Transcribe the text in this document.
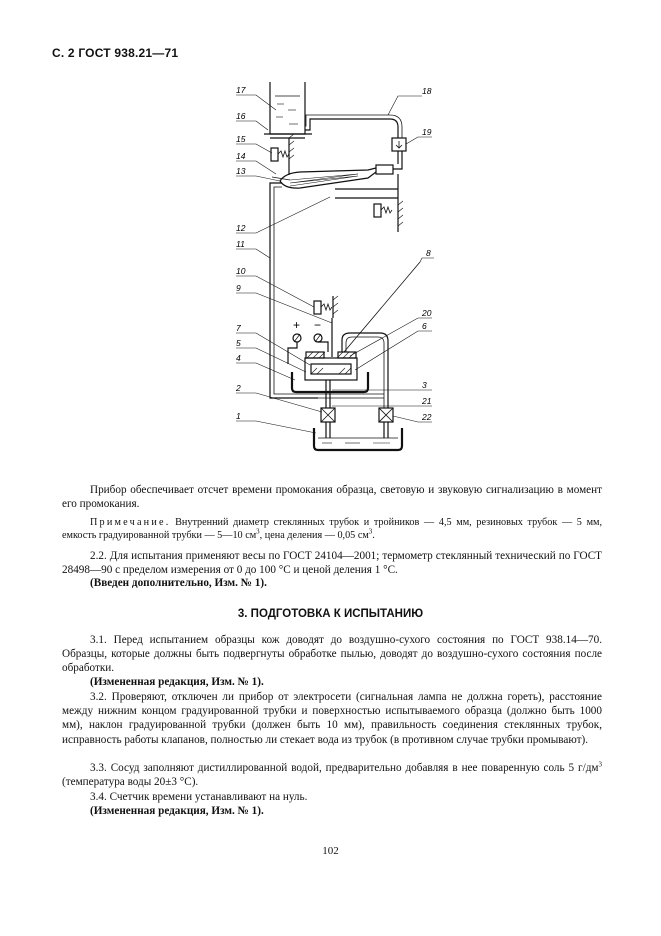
С. 2 ГОСТ 938.21—71
17
16
15
14
13
12
11
10
9
7
5
4
2
1
18
19
8
20
6
3
21
22
+ −

Прибор обеспечивает отсчет времени промокания образца, световую и звуковую сигнализацию в момент его промокания.

Примечание. Внутренний диаметр стеклянных трубок и тройников — 4,5 мм, резиновых трубок — 5 мм, емкость градуированной трубки — 5—10 $см^3$, цена деления — 0,05 $см^3$.

2.2. Для испытания применяют весы по ГОСТ 24104—2001; термометр стеклянный технический по ГОСТ 28498—90 с пределом измерения от 0 до 100 °C и ценой деления 1 °C.

(Введен дополнительно, Изм. № 1).

3. ПОДГОТОВКА К ИСПЫТАНИЮ

3.1. Перед испытанием образцы кож доводят до воздушно-сухого состояния по ГОСТ 938.14—70. Образцы, которые должны быть подвергнуты обработке пылью, доводят до воздушно-сухого состояния после обработки.

(Измененная редакция, Изм. № 1).

3.2. Проверяют, отключен ли прибор от электросети (сигнальная лампа не должна гореть), расстояние между нижним концом градуированной трубки и поверхностью испытываемого образца (должно быть 1000 мм), наклон градуированной трубки (должен быть 10 мм), правильность соединения стеклянных трубок, исправность работы клапанов, полностью ли стекает вода из трубок (в противном случае трубки промывают).

3.3. Сосуд заполняют дистиллированной водой, предварительно добавляя в нее поваренную соль 5 $г/дм^3$ (температура воды 20±3 °C).

3.4. Счетчик времени устанавливают на нуль.

(Измененная редакция, Изм. № 1).

102
